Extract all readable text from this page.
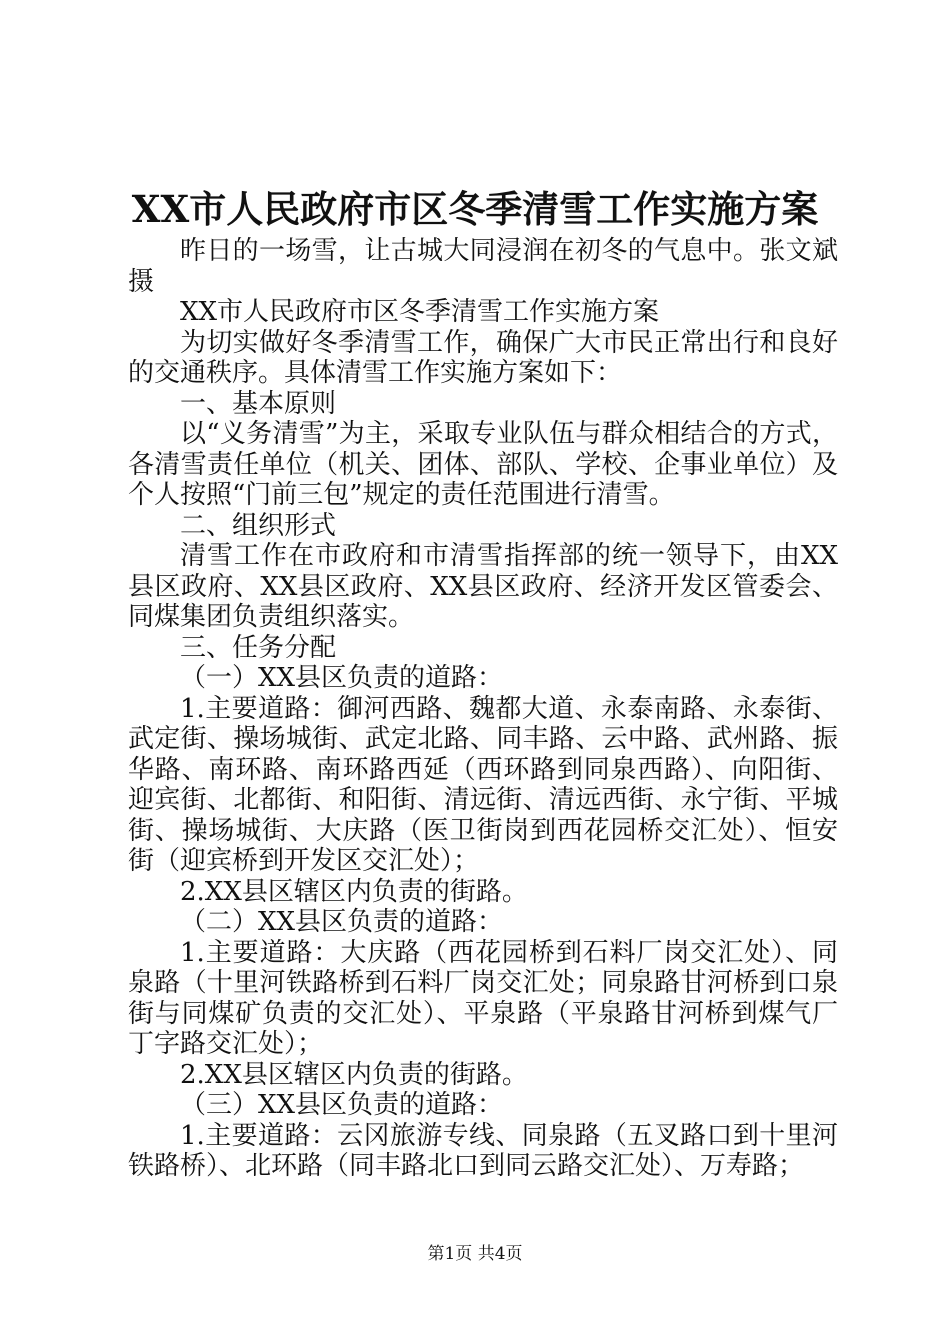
XX市人民政府市区冬季清雪工作实施方案

昨日的一场雪，让古城大同浸润在初冬的气息中。张文斌摄

XX市人民政府市区冬季清雪工作实施方案

为切实做好冬季清雪工作，确保广大市民正常出行和良好的交通秩序。具体清雪工作实施方案如下：

一、基本原则

以“义务清雪”为主，采取专业队伍与群众相结合的方式，各清雪责任单位（机关、团体、部队、学校、企事业单位）及个人按照“门前三包”规定的责任范围进行清雪。

二、组织形式

清雪工作在市政府和市清雪指挥部的统一领导下，由XX县区政府、XX县区政府、XX县区政府、经济开发区管委会、同煤集团负责组织落实。

三、任务分配

（一）XX县区负责的道路：

1.主要道路：御河西路、魏都大道、永泰南路、永泰街、武定街、操场城街、武定北路、同丰路、云中路、武州路、振华路、南环路、南环路西延（西环路到同泉西路）、向阳街、迎宾街、北都街、和阳街、清远街、清远西街、永宁街、平城街、操场城街、大庆路（医卫街岗到西花园桥交汇处）、恒安街（迎宾桥到开发区交汇处）；

2.XX县区辖区内负责的街路。

（二）XX县区负责的道路：

1.主要道路：大庆路（西花园桥到石料厂岗交汇处）、同泉路（十里河铁路桥到石料厂岗交汇处；同泉路甘河桥到口泉街与同煤矿负责的交汇处）、平泉路（平泉路甘河桥到煤气厂丁字路交汇处）；

2.XX县区辖区内负责的街路。

（三）XX县区负责的道路：

1.主要道路：云冈旅游专线、同泉路（五叉路口到十里河铁路桥）、北环路（同丰路北口到同云路交汇处）、万寿路；

第1页 共4页
